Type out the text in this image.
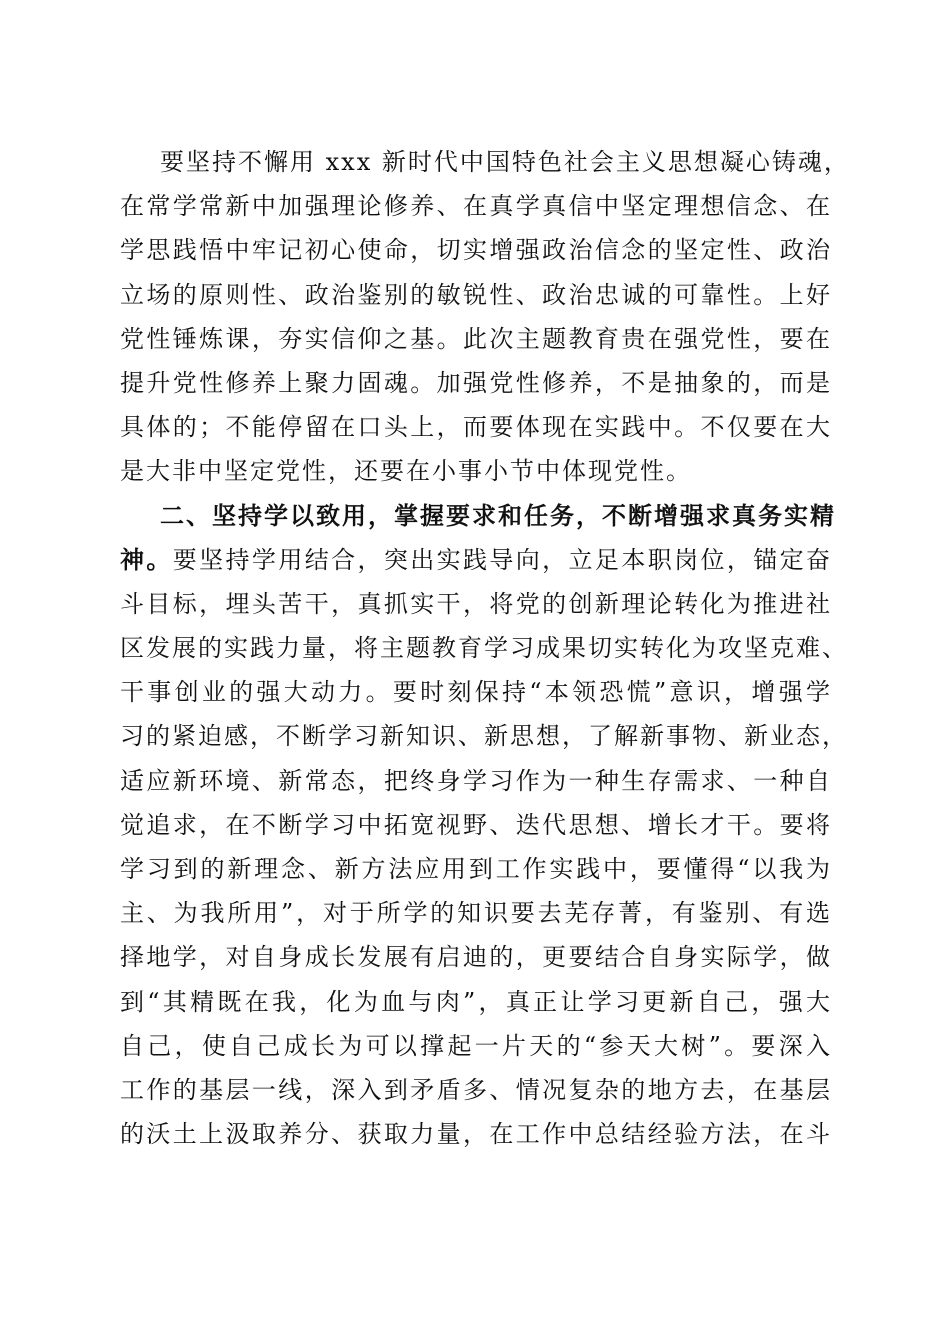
要坚持不懈用 xxx 新时代中国特色社会主义思想凝心铸魂，
在常学常新中加强理论修养、在真学真信中坚定理想信念、在
学思践悟中牢记初心使命，切实增强政治信念的坚定性、政治
立场的原则性、政治鉴别的敏锐性、政治忠诚的可靠性。上好
党性锤炼课，夯实信仰之基。此次主题教育贵在强党性，要在
提升党性修养上聚力固魂。加强党性修养，不是抽象的，而是
具体的；不能停留在口头上，而要体现在实践中。不仅要在大
是大非中坚定党性，还要在小事小节中体现党性。
二、坚持学以致用，掌握要求和任务，不断增强求真务实精
神。要坚持学用结合，突出实践导向，立足本职岗位，锚定奋
斗目标，埋头苦干，真抓实干，将党的创新理论转化为推进社
区发展的实践力量，将主题教育学习成果切实转化为攻坚克难、
干事创业的强大动力。要时刻保持“本领恐慌”意识，增强学
习的紧迫感，不断学习新知识、新思想，了解新事物、新业态，
适应新环境、新常态，把终身学习作为一种生存需求、一种自
觉追求，在不断学习中拓宽视野、迭代思想、增长才干。要将
学习到的新理念、新方法应用到工作实践中，要懂得“以我为
主、为我所用”，对于所学的知识要去芜存菁，有鉴别、有选
择地学，对自身成长发展有启迪的，更要结合自身实际学，做
到“其精既在我，化为血与肉”，真正让学习更新自己，强大
自己，使自己成长为可以撑起一片天的“参天大树”。要深入
工作的基层一线，深入到矛盾多、情况复杂的地方去，在基层
的沃土上汲取养分、获取力量，在工作中总结经验方法，在斗
